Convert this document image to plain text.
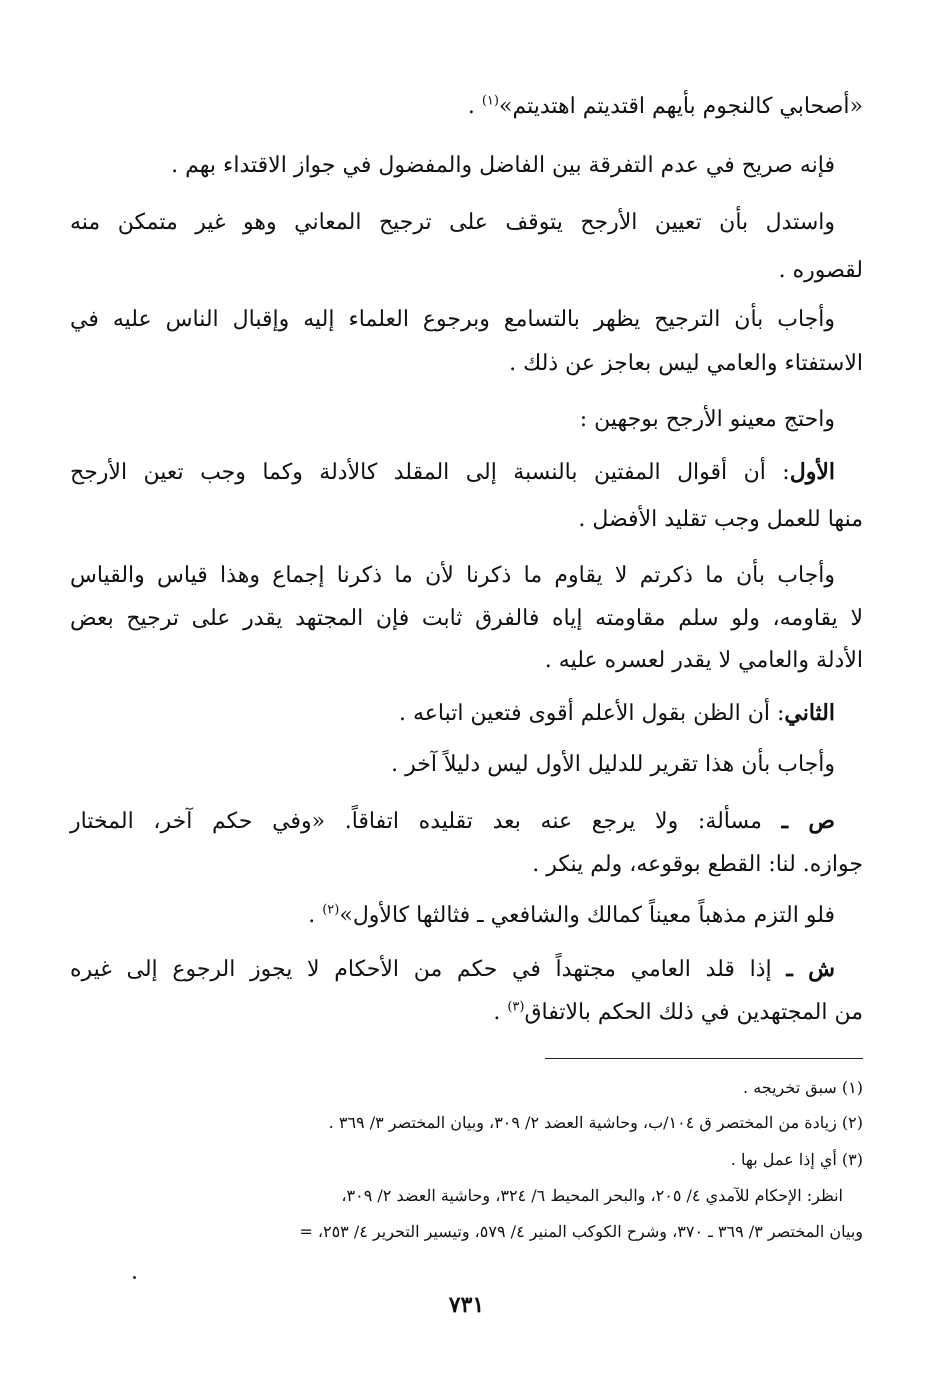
«أصحابي كالنجوم بأيهم اقتديتم اهتديتم»$^{(١)}$ .
فإنه صريح في عدم التفرقة بين الفاضل والمفضول في جواز الاقتداء بهم .
واستدل بأن تعيين الأرجح يتوقف على ترجيح المعاني وهو غير متمكن منه
لقصوره .
وأجاب بأن الترجيح يظهر بالتسامع وبرجوع العلماء إليه وإقبال الناس عليه في
الاستفتاء والعامي ليس بعاجز عن ذلك .
واحتج معينو الأرجح بوجهين :
الأول: أن أقوال المفتين بالنسبة إلى المقلد كالأدلة وكما وجب تعين الأرجح
منها للعمل وجب تقليد الأفضل .
وأجاب بأن ما ذكرتم لا يقاوم ما ذكرنا لأن ما ذكرنا إجماع وهذا قياس والقياس
لا يقاومه، ولو سلم مقاومته إياه فالفرق ثابت فإن المجتهد يقدر على ترجيح بعض
الأدلة والعامي لا يقدر لعسره عليه .
الثاني: أن الظن بقول الأعلم أقوى فتعين اتباعه .
وأجاب بأن هذا تقرير للدليل الأول ليس دليلاً آخر .
ص ـ مسألة: ولا يرجع عنه بعد تقليده اتفاقاً. «وفي حكم آخر، المختار
جوازه. لنا: القطع بوقوعه، ولم ينكر .
فلو التزم مذهباً معيناً كمالك والشافعي ـ فثالثها كالأول»$^{(٢)}$ .
ش ـ إذا قلد العامي مجتهداً في حكم من الأحكام لا يجوز الرجوع إلى غيره
من المجتهدين في ذلك الحكم بالاتفاق$^{(٣)}$ .
(١) سبق تخريجه .
(٢) زيادة من المختصر ق ١٠٤/ب، وحاشية العضد ٢/ ٣٠٩، وبيان المختصر ٣/ ٣٦٩ .
(٣) أي إذا عمل بها .
انظر: الإحكام للآمدي ٤/ ٢٠٥، والبحر المحيط ٦/ ٣٢٤، وحاشية العضد ٢/ ٣٠٩،
وبيان المختصر ٣/ ٣٦٩ ـ ٣٧٠، وشرح الكوكب المنير ٤/ ٥٧٩، وتيسير التحرير ٤/ ٢٥٣، =
٧٣١
